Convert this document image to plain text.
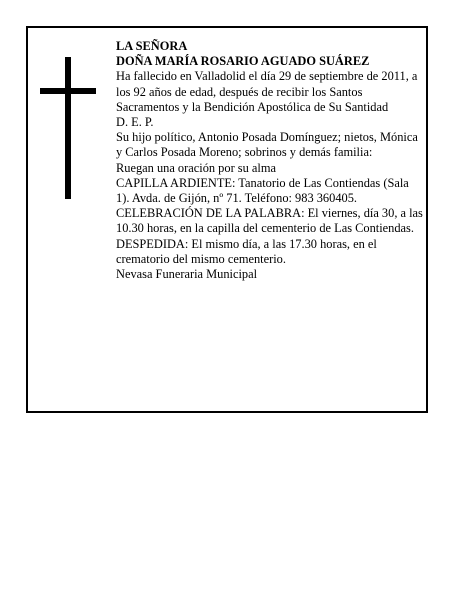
LA SEÑORA

DOÑA MARÍA ROSARIO AGUADO SUÁREZ

Ha fallecido en Valladolid el día 29 de septiembre de 2011, a los 92 años de edad, después de recibir los Santos Sacramentos y la Bendición Apostólica de Su Santidad

D. E. P.

Su hijo político, Antonio Posada Domínguez; nietos, Mónica y Carlos Posada Moreno; sobrinos y demás familia:

Ruegan una oración por su alma

CAPILLA ARDIENTE: Tanatorio de Las Contiendas (Sala 1). Avda. de Gijón, nº 71. Teléfono: 983 360405.

CELEBRACIÓN DE LA PALABRA: El viernes, día 30, a las 10.30 horas, en la capilla del cementerio de Las Contiendas.

DESPEDIDA: El mismo día, a las 17.30 horas, en el crematorio del mismo cementerio.

Nevasa Funeraria Municipal
